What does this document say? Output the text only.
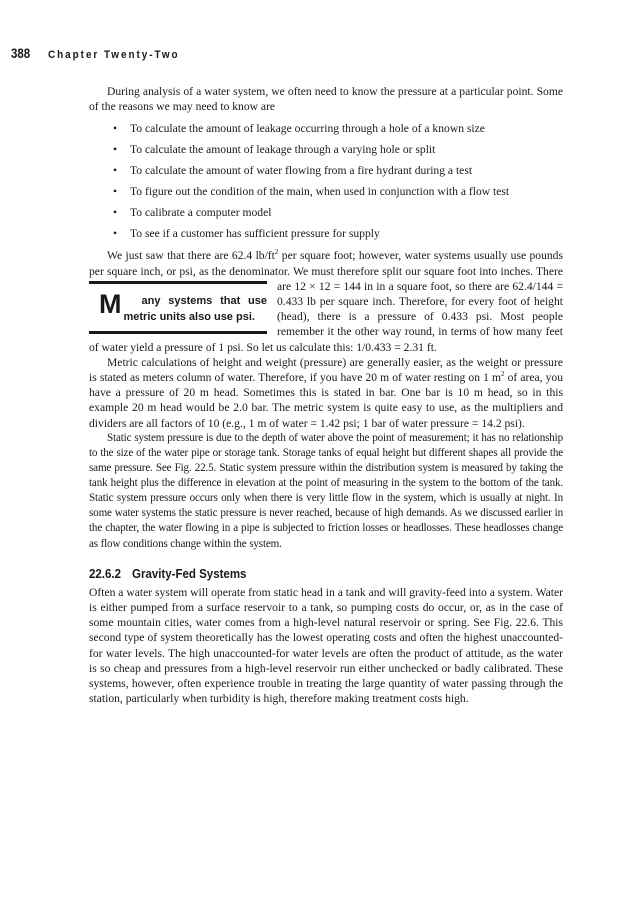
388 Chapter Twenty-Two

During analysis of a water system, we often need to know the pressure at a particular point. Some of the reasons we may need to know are

• To calculate the amount of leakage occurring through a hole of a known size
• To calculate the amount of leakage through a varying hole or split
• To calculate the amount of water flowing from a fire hydrant during a test
• To figure out the condition of the main, when used in conjunction with a flow test
• To calibrate a computer model
• To see if a customer has sufficient pressure for supply

We just saw that there are 62.4 $lb/ft^2$ per square foot; however, water systems usually use pounds per square inch, or psi, as the denominator. We must therefore split our
M any systems that use metric units also use psi.
square foot into inches. There are 12 × 12 = 144 in in a square foot, so there are 62.4/144 = 0.433 lb per square inch. Therefore, for every foot of height (head), there is a pressure of 0.433 psi. Most people remember it the other way round, in terms of how many feet of water yield a pressure of 1 psi. So let us calculate this: 1/0.433 = 2.31 ft.

Metric calculations of height and weight (pressure) are generally easier, as the weight or pressure is stated as meters column of water. Therefore, if you have 20 m of water resting on 1 $m^2$ of area, you have a pressure of 20 m head. Sometimes this is stated in bar. One bar is 10 m head, so in this example 20 m head would be 2.0 bar. The metric system is quite easy to use, as the multipliers and dividers are all factors of 10 (e.g., 1 m of water = 1.42 psi; 1 bar of water pressure = 14.2 psi).

Static system pressure is due to the depth of water above the point of measurement; it has no relationship to the size of the water pipe or storage tank. Storage tanks of equal height but different shapes all provide the same pressure. See Fig. 22.5. Static system pressure within the distribution system is measured by taking the tank height plus the difference in elevation at the point of measuring in the system to the bottom of the tank. Static system pressure occurs only when there is very little flow in the system, which is usually at night. In some water systems the static pressure is never reached, because of high demands. As we discussed earlier in the chapter, the water flowing in a pipe is subjected to friction losses or headlosses. These headlosses change as flow conditions change within the system.

22.6.2 Gravity-Fed Systems

Often a water system will operate from static head in a tank and will gravity-feed into a system. Water is either pumped from a surface reservoir to a tank, so pumping costs do occur, or, as in the case of some mountain cities, water comes from a high-level natural reservoir or spring. See Fig. 22.6. This second type of system theoretically has the lowest operating costs and often the highest unaccounted-for water levels. The high unaccounted-for water levels are often the product of attitude, as the water is so cheap and pressures from a high-level reservoir run either unchecked or badly calibrated. These systems, however, often experience trouble in treating the large quantity of water passing through the station, particularly when turbidity is high, therefore making treatment costs high.
